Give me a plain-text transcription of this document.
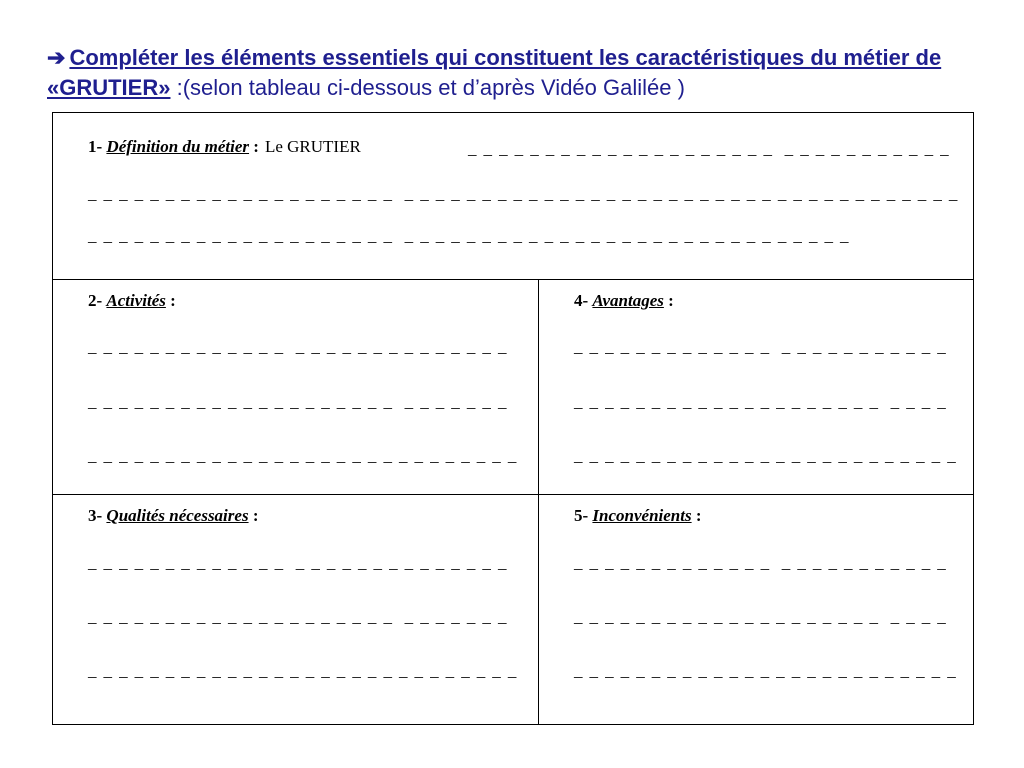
➔ Compléter les éléments essentiels qui constituent les caractéristiques du métier de «GRUTIER» :(selon tableau ci-dessous et d’après Vidéo Galilée )
1- Définition du métier : Le GRUTIER	_ _ _ _ _ _ _ _ _ _ _ _ _ _ _ _ _ _ _ _  _ _ _ _ _ _ _ _ _ _ _
_ _ _ _ _ _ _ _ _ _ _ _ _ _ _ _ _ _ _ _  _ _ _ _ _ _ _ _ _ _ _ _ _ _ _ _ _ _ _ _ _ _ _ _ _ _ _ _ _ _ _ _ _ _ _ _
_ _ _ _ _ _ _ _ _ _ _ _ _ _ _ _ _ _ _ _  _ _ _ _ _ _ _ _ _ _ _ _ _ _ _ _ _ _ _ _ _ _ _ _ _ _ _ _ _
2- Activités :
_ _ _ _ _ _ _ _ _ _ _ _ _  _ _ _ _ _ _ _ _ _ _ _ _ _ _
_ _ _ _ _ _ _ _ _ _ _ _ _ _ _ _ _ _ _ _  _ _ _ _ _ _ _
_ _ _ _ _ _ _ _ _ _ _ _ _ _ _ _ _ _ _ _ _ _ _ _ _ _ _ _
4- Avantages :
_ _ _ _ _ _ _ _ _ _ _ _ _  _ _ _ _ _ _ _ _ _ _ _
_ _ _ _ _ _ _ _ _ _ _ _ _ _ _ _ _ _ _ _  _ _ _ _
_ _ _ _ _ _ _ _ _ _ _ _ _ _ _ _ _ _ _ _ _ _ _ _ _
3- Qualités nécessaires :
_ _ _ _ _ _ _ _ _ _ _ _ _  _ _ _ _ _ _ _ _ _ _ _ _ _ _
_ _ _ _ _ _ _ _ _ _ _ _ _ _ _ _ _ _ _ _  _ _ _ _ _ _ _
_ _ _ _ _ _ _ _ _ _ _ _ _ _ _ _ _ _ _ _ _ _ _ _ _ _ _ _
5- Inconvénients :
_ _ _ _ _ _ _ _ _ _ _ _ _  _ _ _ _ _ _ _ _ _ _ _
_ _ _ _ _ _ _ _ _ _ _ _ _ _ _ _ _ _ _ _  _ _ _ _
_ _ _ _ _ _ _ _ _ _ _ _ _ _ _ _ _ _ _ _ _ _ _ _ _
